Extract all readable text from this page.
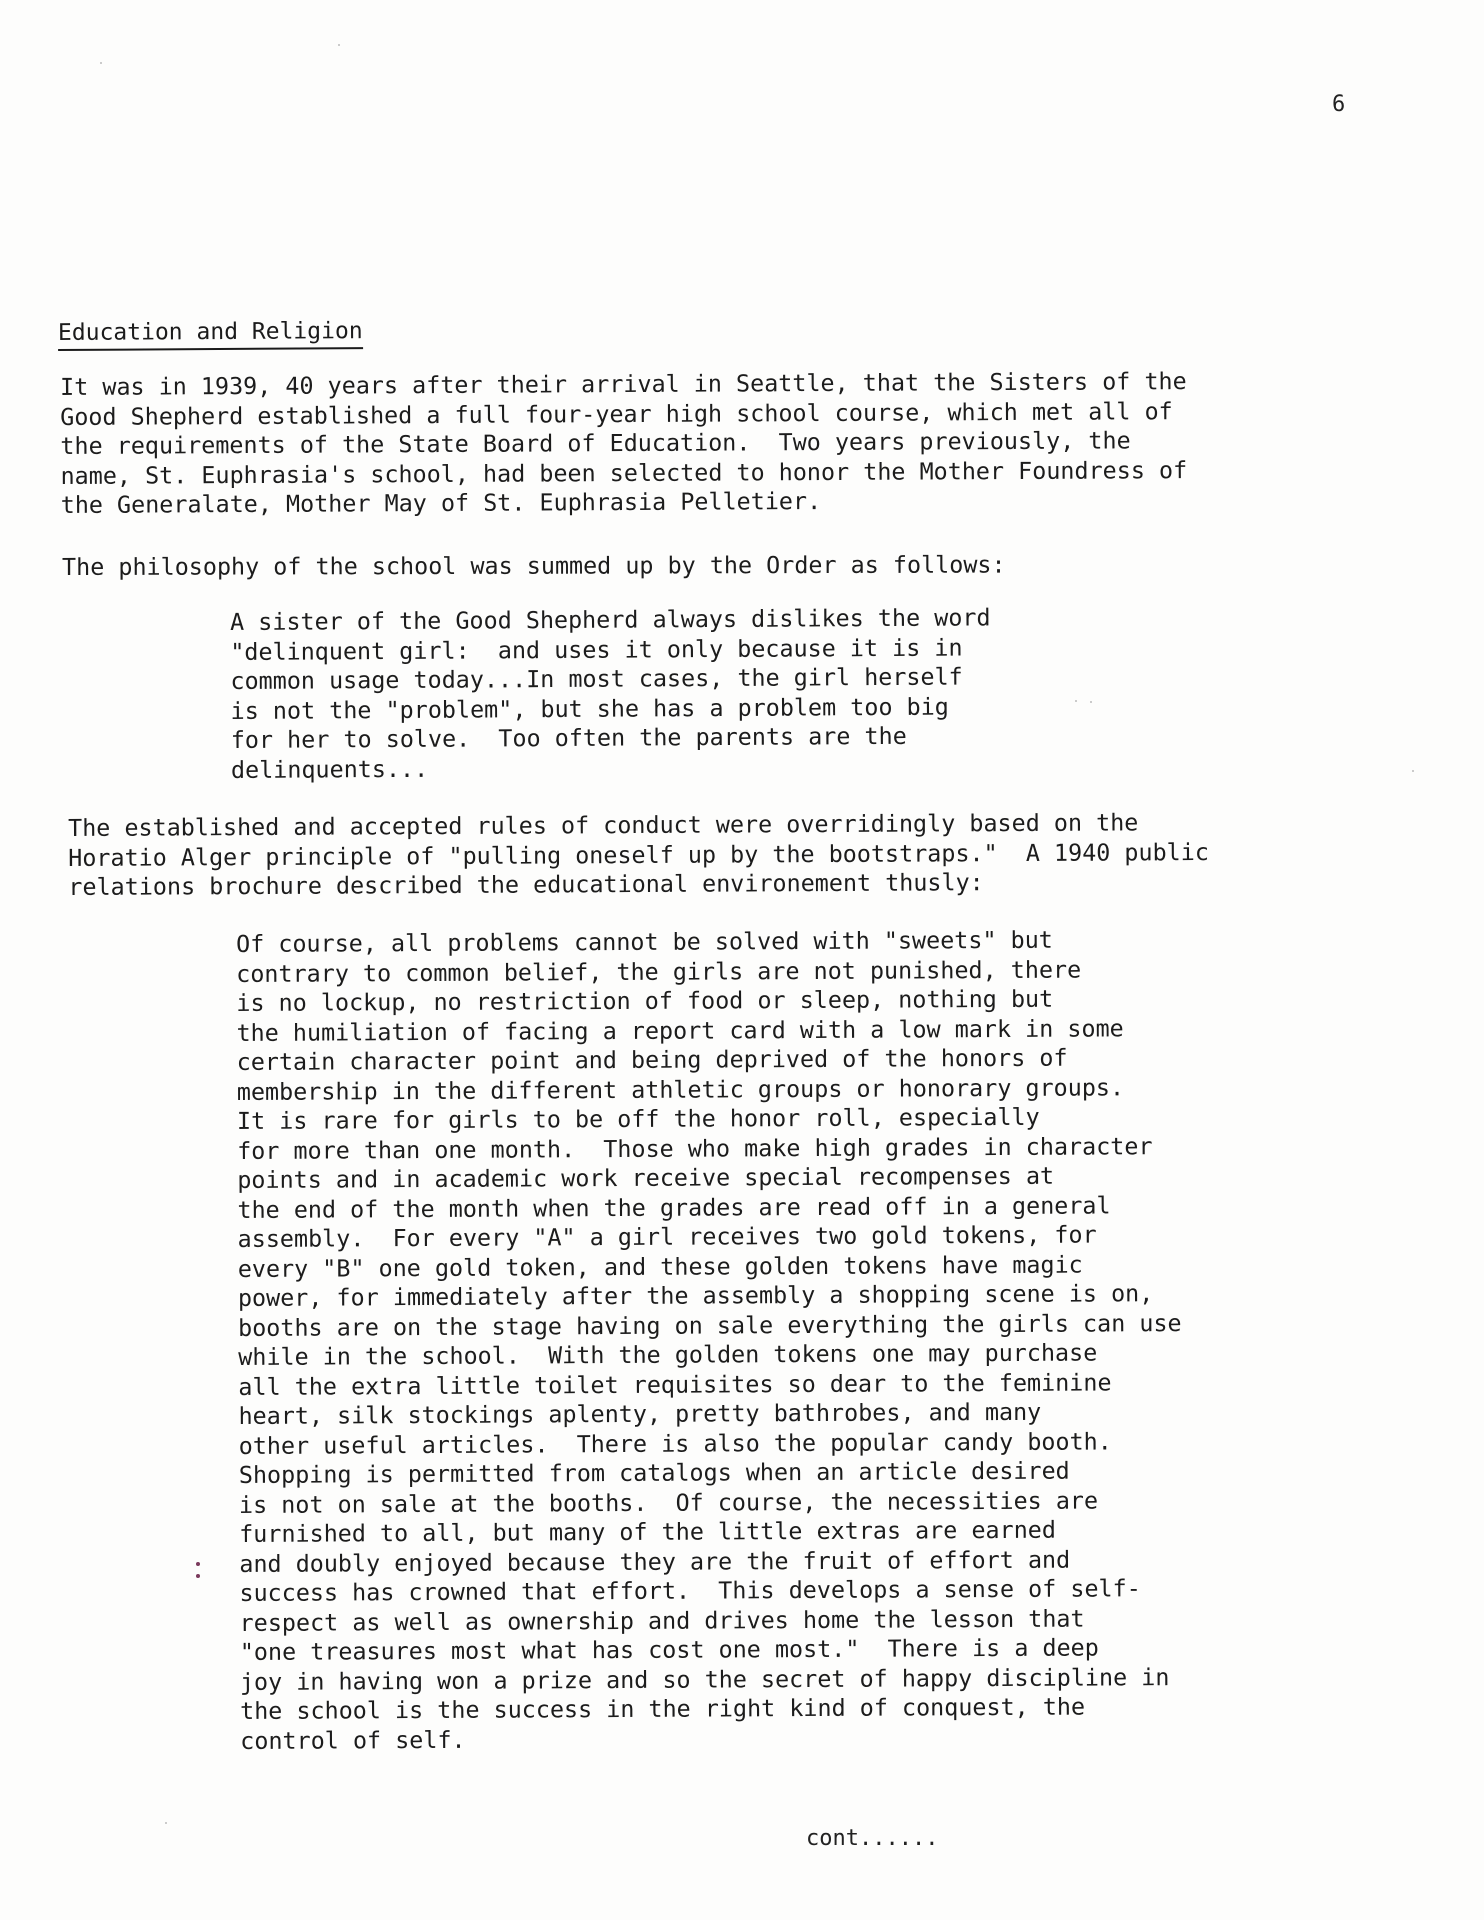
6
Education and Religion
It was in 1939, 40 years after their arrival in Seattle, that the Sisters of the
Good Shepherd established a full four-year high school course, which met all of
the requirements of the State Board of Education.  Two years previously, the
name, St. Euphrasia's school, had been selected to honor the Mother Foundress of
the Generalate, Mother May of St. Euphrasia Pelletier.
The philosophy of the school was summed up by the Order as follows:
A sister of the Good Shepherd always dislikes the word
"delinquent girl:  and uses it only because it is in
common usage today...In most cases, the girl herself
is not the "problem", but she has a problem too big
for her to solve.  Too often the parents are the
delinquents...
The established and accepted rules of conduct were overridingly based on the
Horatio Alger principle of "pulling oneself up by the bootstraps."  A 1940 public
relations brochure described the educational environement thusly:
Of course, all problems cannot be solved with "sweets" but
contrary to common belief, the girls are not punished, there
is no lockup, no restriction of food or sleep, nothing but
the humiliation of facing a report card with a low mark in some
certain character point and being deprived of the honors of
membership in the different athletic groups or honorary groups.
It is rare for girls to be off the honor roll, especially
for more than one month.  Those who make high grades in character
points and in academic work receive special recompenses at
the end of the month when the grades are read off in a general
assembly.  For every "A" a girl receives two gold tokens, for
every "B" one gold token, and these golden tokens have magic
power, for immediately after the assembly a shopping scene is on,
booths are on the stage having on sale everything the girls can use
while in the school.  With the golden tokens one may purchase
all the extra little toilet requisites so dear to the feminine
heart, silk stockings aplenty, pretty bathrobes, and many
other useful articles.  There is also the popular candy booth.
Shopping is permitted from catalogs when an article desired
is not on sale at the booths.  Of course, the necessities are
furnished to all, but many of the little extras are earned
and doubly enjoyed because they are the fruit of effort and
success has crowned that effort.  This develops a sense of self-
respect as well as ownership and drives home the lesson that
"one treasures most what has cost one most."  There is a deep
joy in having won a prize and so the secret of happy discipline in
the school is the success in the right kind of conquest, the
control of self.
cont......
